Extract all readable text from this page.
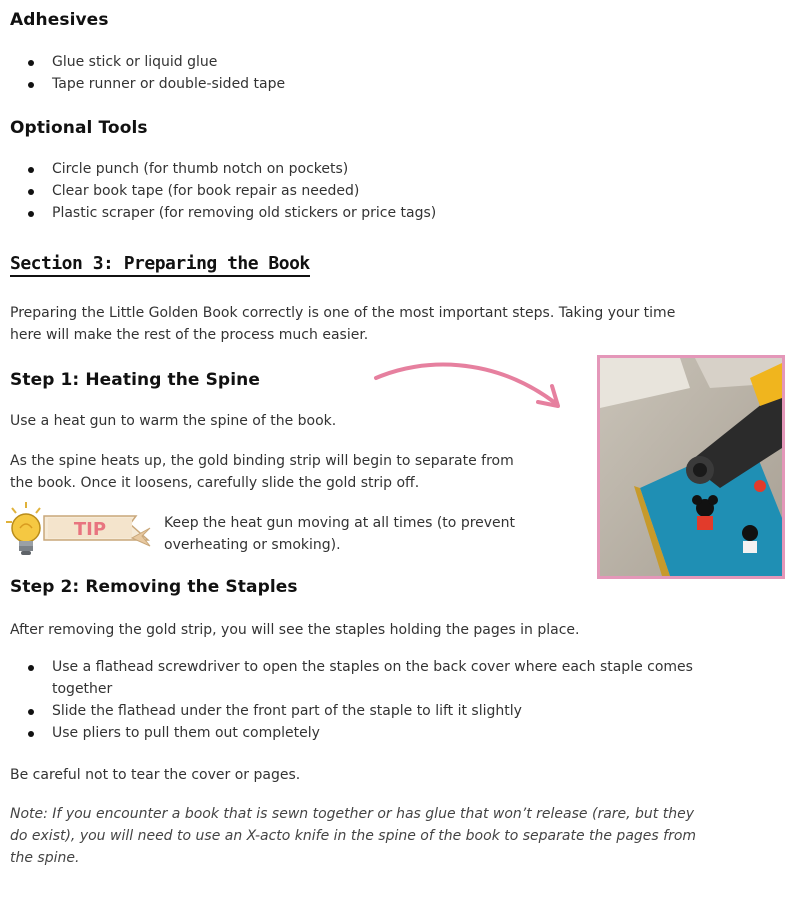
Adhesives
Glue stick or liquid glue
Tape runner or double-sided tape
Optional Tools
Circle punch (for thumb notch on pockets)
Clear book tape (for book repair as needed)
Plastic scraper (for removing old stickers or price tags)
Section 3: Preparing the Book
Preparing the Little Golden Book correctly is one of the most important steps. Taking your time
here will make the rest of the process much easier.
Step 1: Heating the Spine
Use a heat gun to warm the spine of the book.
As the spine heats up, the gold binding strip will begin to separate from
the book. Once it loosens, carefully slide the gold strip off.
TIP	Keep the heat gun moving at all times (to prevent
overheating or smoking).
Step 2: Removing the Staples
After removing the gold strip, you will see the staples holding the pages in place.
Use a flathead screwdriver to open the staples on the back cover where each staple comes
together
Slide the flathead under the front part of the staple to lift it slightly
Use pliers to pull them out completely
Be careful not to tear the cover or pages.
Note: If you encounter a book that is sewn together or has glue that won’t release (rare, but they
do exist), you will need to use an X-acto knife in the spine of the book to separate the pages from
the spine.
